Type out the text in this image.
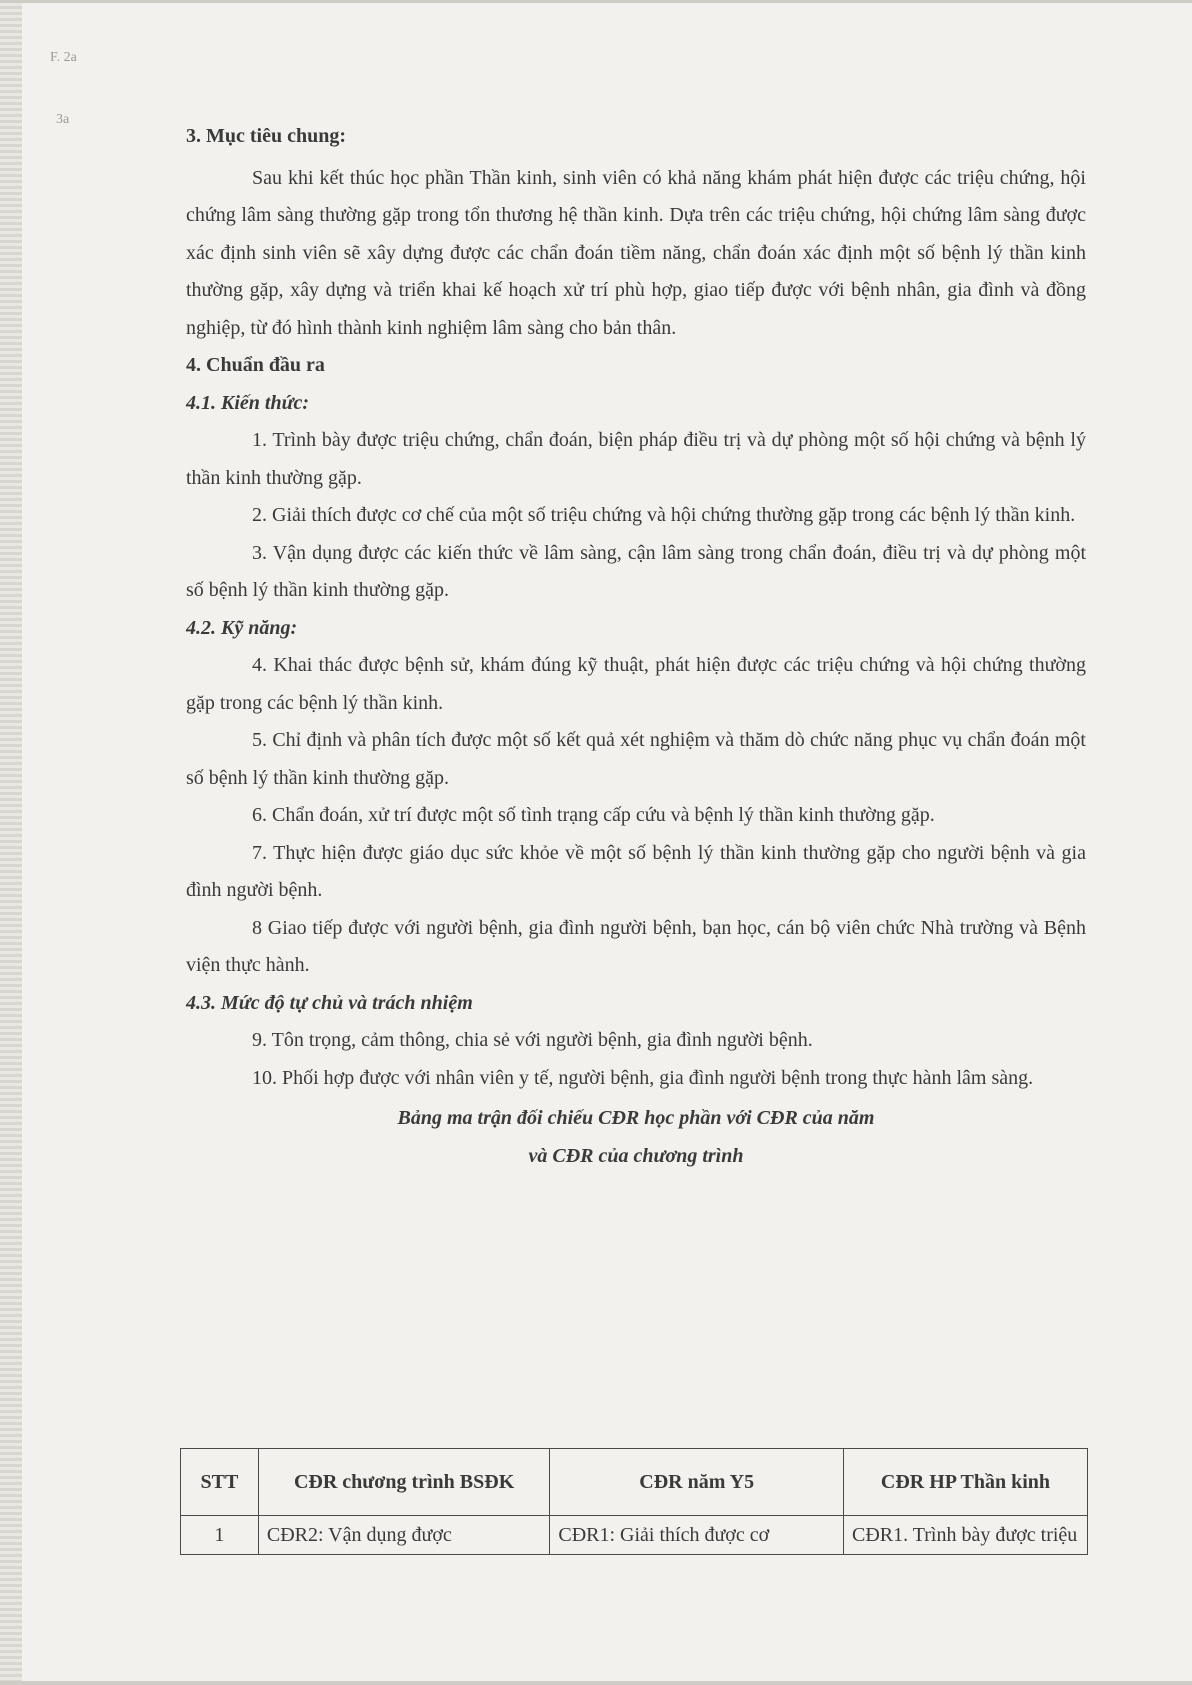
F. 2a
3a

3. Mục tiêu chung:

Sau khi kết thúc học phần Thần kinh, sinh viên có khả năng khám phát hiện được các triệu chứng, hội chứng lâm sàng thường gặp trong tổn thương hệ thần kinh. Dựa trên các triệu chứng, hội chứng lâm sàng được xác định sinh viên sẽ xây dựng được các chẩn đoán tiềm năng, chẩn đoán xác định một số bệnh lý thần kinh thường gặp, xây dựng và triển khai kế hoạch xử trí phù hợp, giao tiếp được với bệnh nhân, gia đình và đồng nghiệp, từ đó hình thành kinh nghiệm lâm sàng cho bản thân.

4. Chuẩn đầu ra

4.1. Kiến thức:

1. Trình bày được triệu chứng, chẩn đoán, biện pháp điều trị và dự phòng một số hội chứng và bệnh lý thần kinh thường gặp.

2. Giải thích được cơ chế của một số triệu chứng và hội chứng thường gặp trong các bệnh lý thần kinh.

3. Vận dụng được các kiến thức về lâm sàng, cận lâm sàng trong chẩn đoán, điều trị và dự phòng một số bệnh lý thần kinh thường gặp.

4.2. Kỹ năng:

4. Khai thác được bệnh sử, khám đúng kỹ thuật, phát hiện được các triệu chứng và hội chứng thường gặp trong các bệnh lý thần kinh.

5. Chỉ định và phân tích được một số kết quả xét nghiệm và thăm dò chức năng phục vụ chẩn đoán một số bệnh lý thần kinh thường gặp.

6. Chẩn đoán, xử trí được một số tình trạng cấp cứu và bệnh lý thần kinh thường gặp.

7. Thực hiện được giáo dục sức khỏe về một số bệnh lý thần kinh thường gặp cho người bệnh và gia đình người bệnh.

8 Giao tiếp được với người bệnh, gia đình người bệnh, bạn học, cán bộ viên chức Nhà trường và Bệnh viện thực hành.

4.3. Mức độ tự chủ và trách nhiệm

9. Tôn trọng, cảm thông, chia sẻ với người bệnh, gia đình người bệnh.

10. Phối hợp được với nhân viên y tế, người bệnh, gia đình người bệnh trong thực hành lâm sàng.

Bảng ma trận đối chiếu CĐR học phần với CĐR của năm

và CĐR của chương trình

STT	CĐR chương trình BSĐK	CĐR năm Y5	CĐR HP Thần kinh
1	CĐR2: Vận dụng được	CĐR1: Giải thích được cơ	CĐR1. Trình bày được triệu
